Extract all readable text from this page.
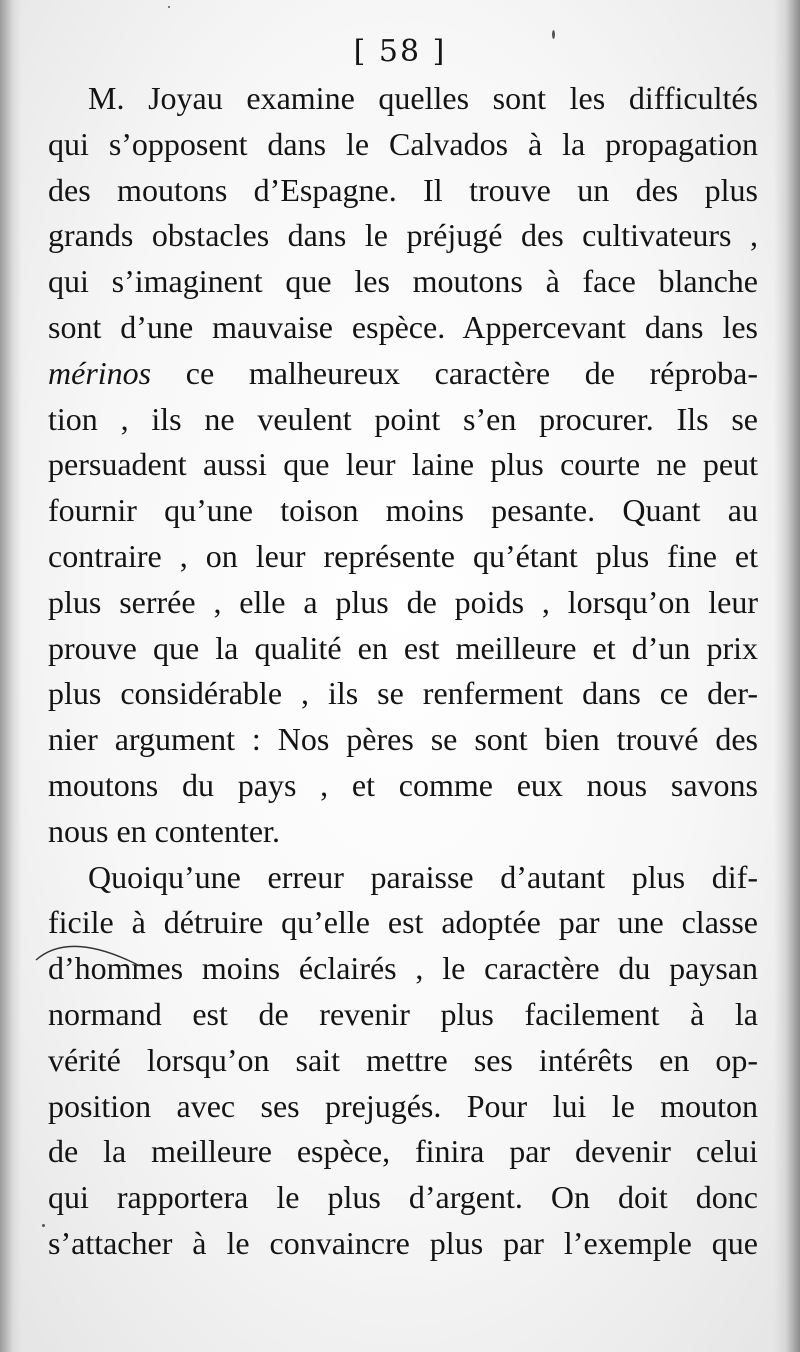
[ 58 ]
M. Joyau examine quelles sont les difficultés
qui s’opposent dans le Calvados à la propagation
des moutons d’Espagne. Il trouve un des plus
grands obstacles dans le préjugé des cultivateurs ,
qui s’imaginent que les moutons à face blanche
sont d’une mauvaise espèce. Appercevant dans les
mérinos ce malheureux caractère de réproba-
tion , ils ne veulent point s’en procurer. Ils se
persuadent aussi que leur laine plus courte ne peut
fournir qu’une toison moins pesante. Quant au
contraire , on leur représente qu’étant plus fine et
plus serrée , elle a plus de poids , lorsqu’on leur
prouve que la qualité en est meilleure et d’un prix
plus considérable , ils se renferment dans ce der-
nier argument : Nos pères se sont bien trouvé des
moutons du pays , et comme eux nous savons
nous en contenter.
Quoiqu’une erreur paraisse d’autant plus dif-
ficile à détruire qu’elle est adoptée par une classe
d’hommes moins éclairés , le caractère du paysan
normand est de revenir plus facilement à la
vérité lorsqu’on sait mettre ses intérêts en op-
position avec ses prejugés. Pour lui le mouton
de la meilleure espèce, finira par devenir celui
qui rapportera le plus d’argent. On doit donc
s’attacher à le convaincre plus par l’exemple que
